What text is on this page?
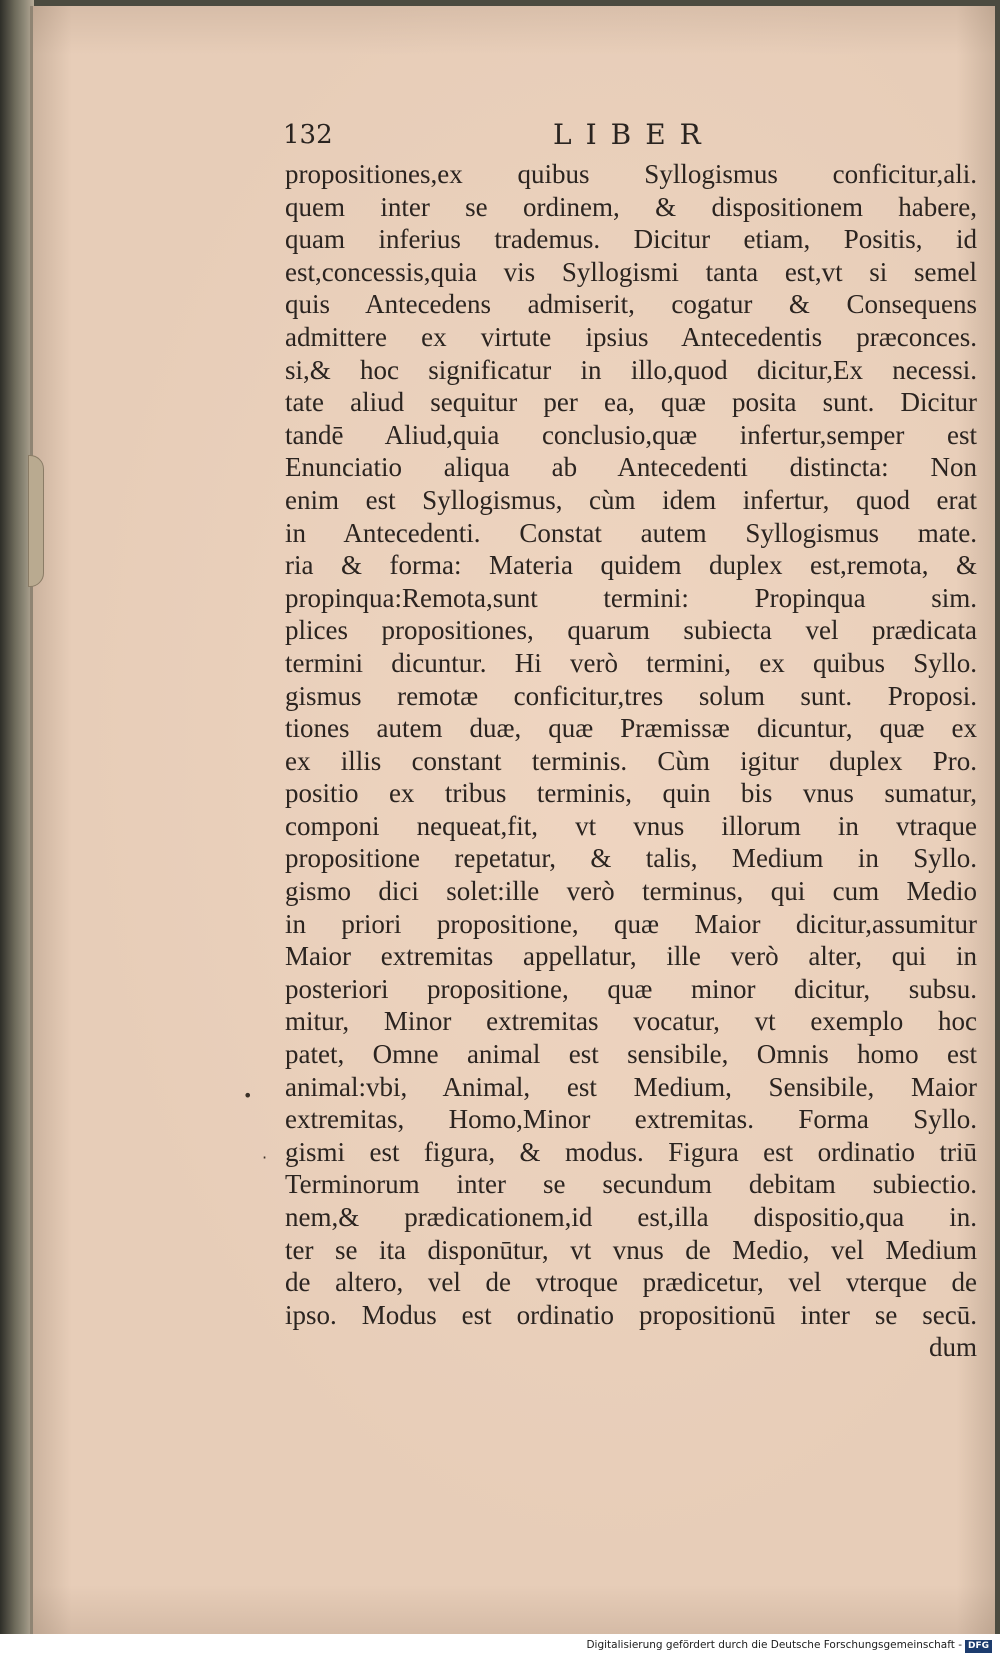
•
·
132	LIBER
propositiones,ex quibus Syllogismus conficitur,ali.
quem inter se ordinem, & dispositionem habere,
quam inferius trademus. Dicitur etiam, Positis, id
est,concessis,quia vis Syllogismi tanta est,vt si semel
quis Antecedens admiserit, cogatur & Consequens
admittere ex virtute ipsius Antecedentis præconces.
si,& hoc significatur in illo,quod dicitur,Ex necessi.
tate aliud sequitur per ea, quæ posita sunt. Dicitur
tandē Aliud,quia conclusio,quæ infertur,semper est
Enunciatio aliqua ab Antecedenti distincta: Non
enim est Syllogismus, cùm idem infertur, quod erat
in Antecedenti. Constat autem Syllogismus mate.
ria & forma: Materia quidem duplex est,remota, &
propinqua:Remota,sunt termini: Propinqua sim.
plices propositiones, quarum subiecta vel prædicata
termini dicuntur. Hi verò termini, ex quibus Syllo.
gismus remotæ conficitur,tres solum sunt. Proposi.
tiones autem duæ, quæ Præmissæ dicuntur, quæ ex
ex illis constant terminis. Cùm igitur duplex Pro.
positio ex tribus terminis, quin bis vnus sumatur,
componi nequeat,fit, vt vnus illorum in vtraque
propositione repetatur, & talis, Medium in Syllo.
gismo dici solet:ille verò terminus, qui cum Medio
in priori propositione, quæ Maior dicitur,assumitur
Maior extremitas appellatur, ille verò alter, qui in
posteriori propositione, quæ minor dicitur, subsu.
mitur, Minor extremitas vocatur, vt exemplo hoc
patet, Omne animal est sensibile, Omnis homo est
animal:vbi, Animal, est Medium, Sensibile, Maior
extremitas, Homo,Minor extremitas. Forma Syllo.
gismi est figura, & modus. Figura est ordinatio triū
Terminorum inter se secundum debitam subiectio.
nem,& prædicationem,id est,illa dispositio,qua in.
ter se ita disponūtur, vt vnus de Medio, vel Medium
de altero, vel de vtroque prædicetur, vel vterque de
ipso. Modus est ordinatio propositionū inter se secū.
dum
Digitalisierung gefördert durch die Deutsche Forschungsgemeinschaft - DFG
